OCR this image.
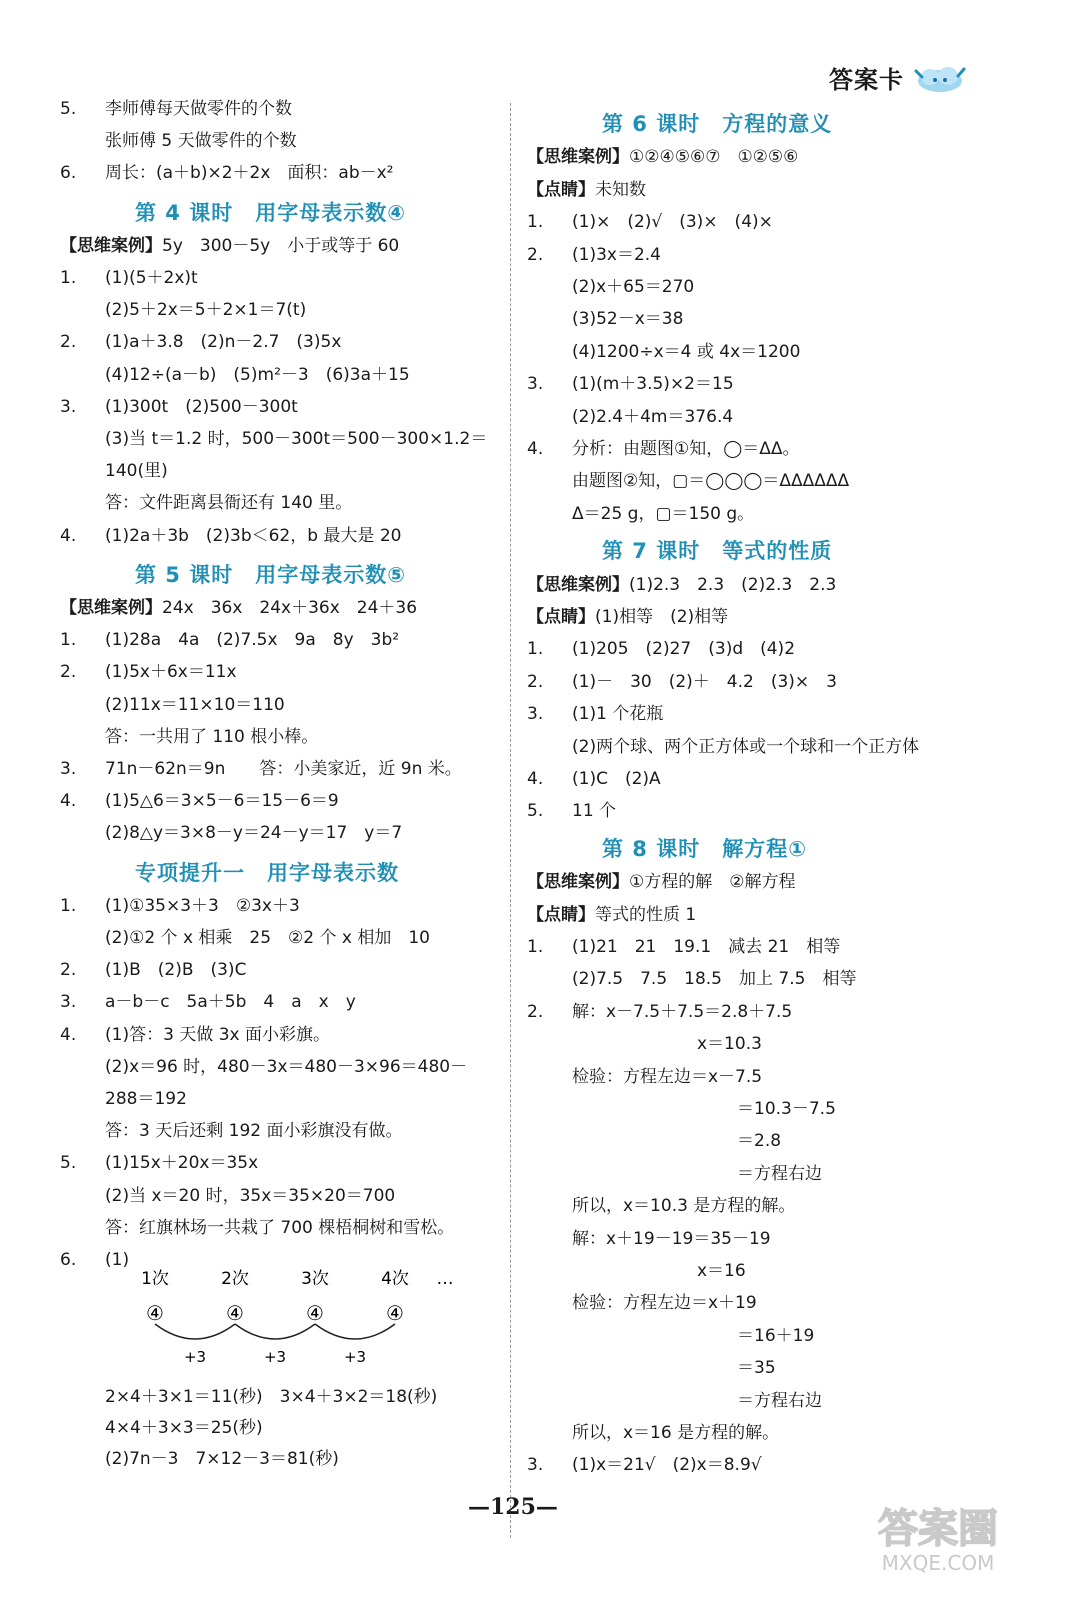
答案卡
5. 李师傅每天做零件的个数
张师傅 5 天做零件的个数
6. 周长：(a＋b)×2＋2x　面积：ab－x²
第 4 课时　用字母表示数④
【思维案例】5y　300－5y　小于或等于 60
1. (1)(5＋2x)t
(2)5＋2x＝5＋2×1＝7(t)
2. (1)a＋3.8　(2)n－2.7　(3)5x
(4)12÷(a－b)　(5)m²－3　(6)3a＋15
3. (1)300t　(2)500－300t
(3)当 t＝1.2 时，500－300t＝500－300×1.2＝
140(里)
答：文件距离县衙还有 140 里。
4. (1)2a＋3b　(2)3b＜62，b 最大是 20
第 5 课时　用字母表示数⑤
【思维案例】24x　36x　24x＋36x　24＋36
1. (1)28a　4a　(2)7.5x　9a　8y　3b²
2. (1)5x＋6x＝11x
(2)11x＝11×10＝110
答：一共用了 110 根小棒。
3. 71n－62n＝9n　　答：小美家近，近 9n 米。
4. (1)5△6＝3×5－6＝15－6＝9
(2)8△y＝3×8－y＝24－y＝17　y＝7
专项提升一　用字母表示数
1. (1)①35×3＋3　②3x＋3
(2)①2 个 x 相乘　25　②2 个 x 相加　10
2. (1)B　(2)B　(3)C
3. a－b－c　5a＋5b　4　a　x　y
4. (1)答：3 天做 3x 面小彩旗。
(2)x＝96 时，480－3x＝480－3×96＝480－
288＝192
答：3 天后还剩 192 面小彩旗没有做。
5. (1)15x＋20x＝35x
(2)当 x＝20 时，35x＝35×20＝700
答：红旗林场一共栽了 700 棵梧桐树和雪松。
6. (1)
1次	2次	3次	4次 …
④	④	④	④
+3	+3	+3
2×4＋3×1＝11(秒)　3×4＋3×2＝18(秒)
4×4＋3×3＝25(秒)
(2)7n－3　7×12－3＝81(秒)
第 6 课时　方程的意义
【思维案例】①②④⑤⑥⑦　①②⑤⑥
【点睛】未知数
1. (1)×　(2)√　(3)×　(4)×
2. (1)3x＝2.4
(2)x＋65＝270
(3)52－x＝38
(4)1200÷x＝4 或 4x＝1200
3. (1)(m＋3.5)×2＝15
(2)2.4＋4m＝376.4
4. 分析：由题图①知，◯＝ΔΔ。
由题图②知，▢＝◯◯◯＝ΔΔΔΔΔΔ
Δ＝25 g，▢＝150 g。
第 7 课时　等式的性质
【思维案例】(1)2.3　2.3　(2)2.3　2.3
【点睛】(1)相等　(2)相等
1. (1)205　(2)27　(3)d　(4)2
2. (1)－　30　(2)＋　4.2　(3)×　3
3. (1)1 个花瓶
(2)两个球、两个正方体或一个球和一个正方体
4. (1)C　(2)A
5. 11 个
第 8 课时　解方程①
【思维案例】①方程的解　②解方程
【点睛】等式的性质 1
1. (1)21　21　19.1　减去 21　相等
(2)7.5　7.5　18.5　加上 7.5　相等
2. 解：x－7.5＋7.5＝2.8＋7.5
x＝10.3
检验：方程左边＝x－7.5
＝10.3－7.5
＝2.8
＝方程右边
所以，x＝10.3 是方程的解。
解：x＋19－19＝35－19
x＝16
检验：方程左边＝x＋19
＝16＋19
＝35
＝方程右边
所以，x＝16 是方程的解。
3. (1)x＝21√　(2)x＝8.9√
—125—	答案圈
MXQE.COM
